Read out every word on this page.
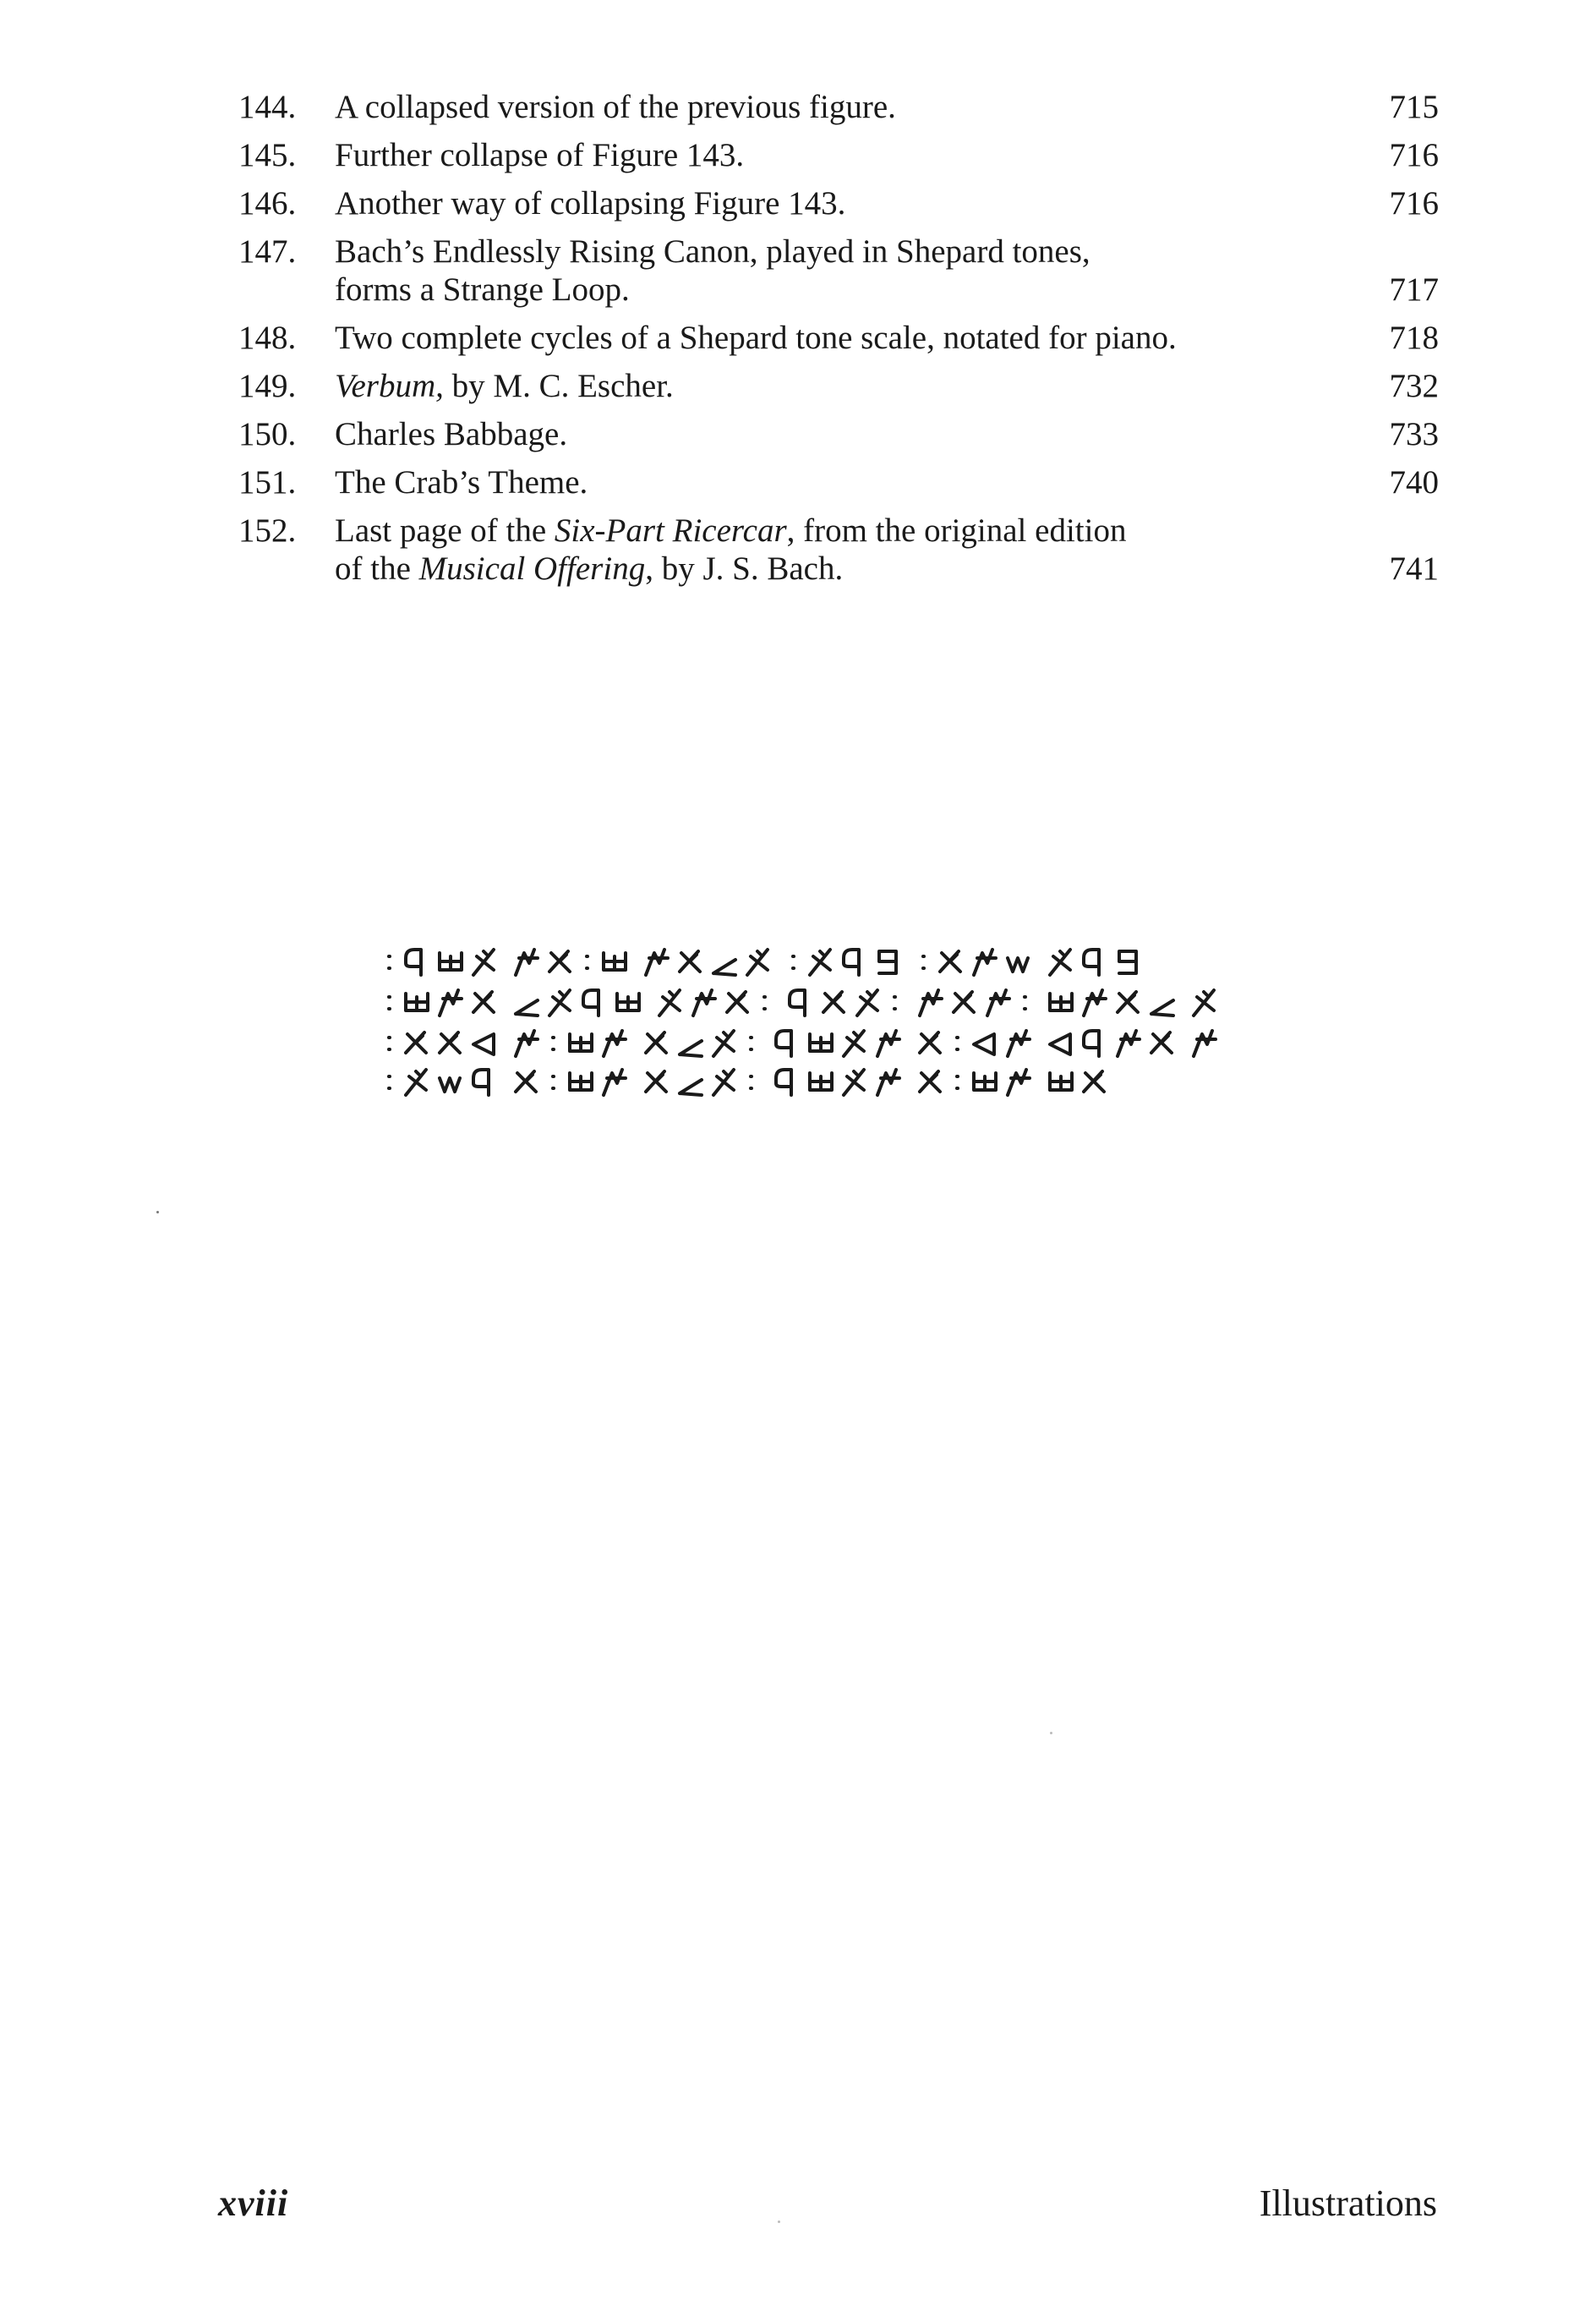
144.	A collapsed version of the previous figure.	715
145.	Further collapse of Figure 143.	716
146.	Another way of collapsing Figure 143.	716
147.	Bach’s Endlessly Rising Canon, played in Shepard tones,
forms a Strange Loop.	717
148.	Two complete cycles of a Shepard tone scale, notated for piano.	718
149.	Verbum, by M. C. Escher.	732
150.	Charles Babbage.	733
151.	The Crab’s Theme.	740
152.	Last page of the Six-Part Ricercar, from the original edition
of the Musical Offering, by J. S. Bach.	741
xviii	Illustrations
